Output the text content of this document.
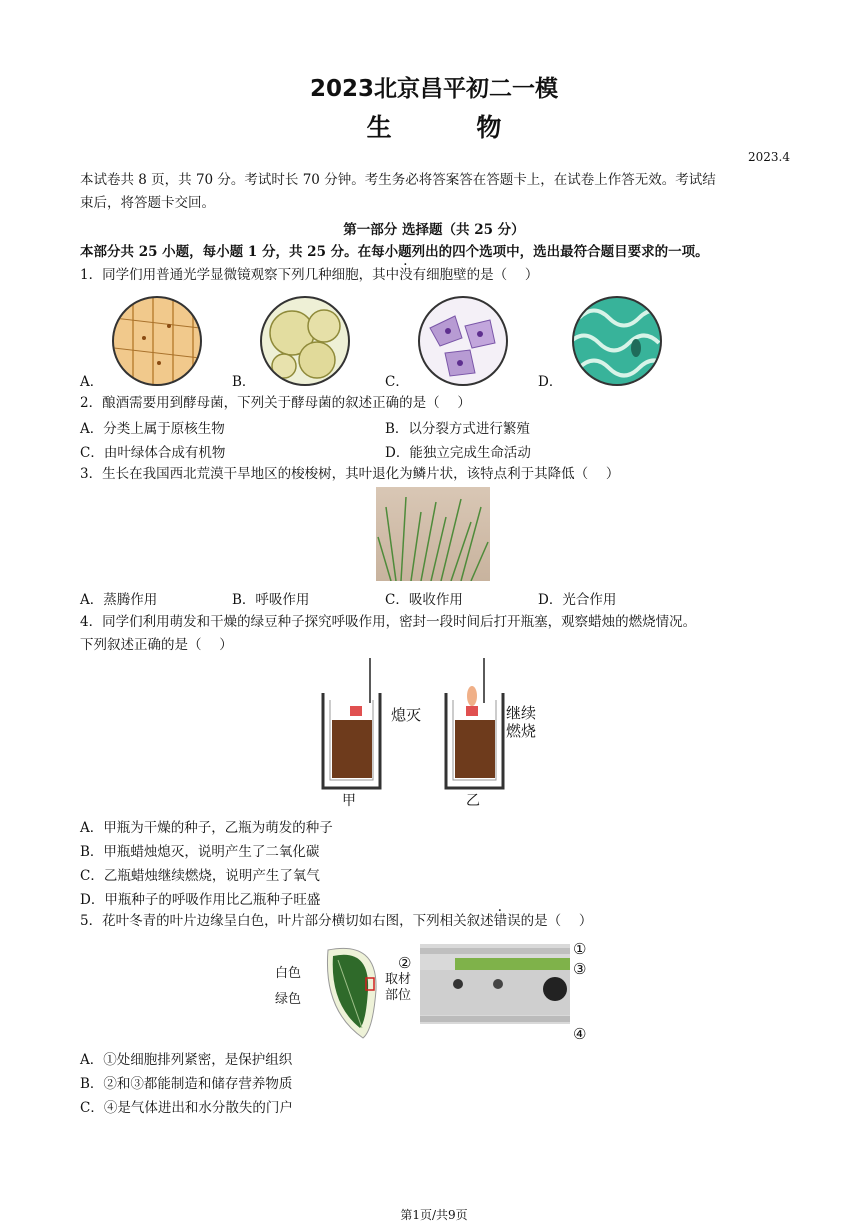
2023北京昌平初二一模
生 物
2023.4
本试卷共 8 页，共 70 分。考试时长 70 分钟。考生务必将答案答在答题卡上，在试卷上作答无效。考试结
束后，将答题卡交回。
第一部分 选择题（共 25 分）
本部分共 25 小题，每小题 1 分，共 25 分。在每小题列出的四个选项中，选出最符合题目要求的一项。
1．同学们用普通光学显微镜观察下列几种细胞，其中没有细胞壁的是（　 ）
A．	B．	C．	D．
2．酿酒需要用到酵母菌，下列关于酵母菌的叙述正确的是（　 ）
A．分类上属于原核生物	B．以分裂方式进行繁殖
C．由叶绿体合成有机物	D．能独立完成生命活动
3．生长在我国西北荒漠干旱地区的梭梭树，其叶退化为鳞片状，该特点利于其降低（　 ）
A．蒸腾作用	B．呼吸作用	C．吸收作用	D．光合作用
4．同学们利用萌发和干燥的绿豆种子探究呼吸作用，密封一段时间后打开瓶塞，观察蜡烛的燃烧情况。
下列叙述正确的是（　 ）
熄灭	继续
燃烧
甲	乙
A．甲瓶为干燥的种子，乙瓶为萌发的种子
B．甲瓶蜡烛熄灭，说明产生了二氧化碳
C．乙瓶蜡烛继续燃烧，说明产生了氧气
D．甲瓶种子的呼吸作用比乙瓶种子旺盛
5．花叶冬青的叶片边缘呈白色，叶片部分横切如右图，下列相关叙述错误的是（　 ）
白色
绿色
取材
部位
②
①
③
④
A．①处细胞排列紧密，是保护组织
B．②和③都能制造和储存营养物质
C．④是气体进出和水分散失的门户
第1页/共9页
